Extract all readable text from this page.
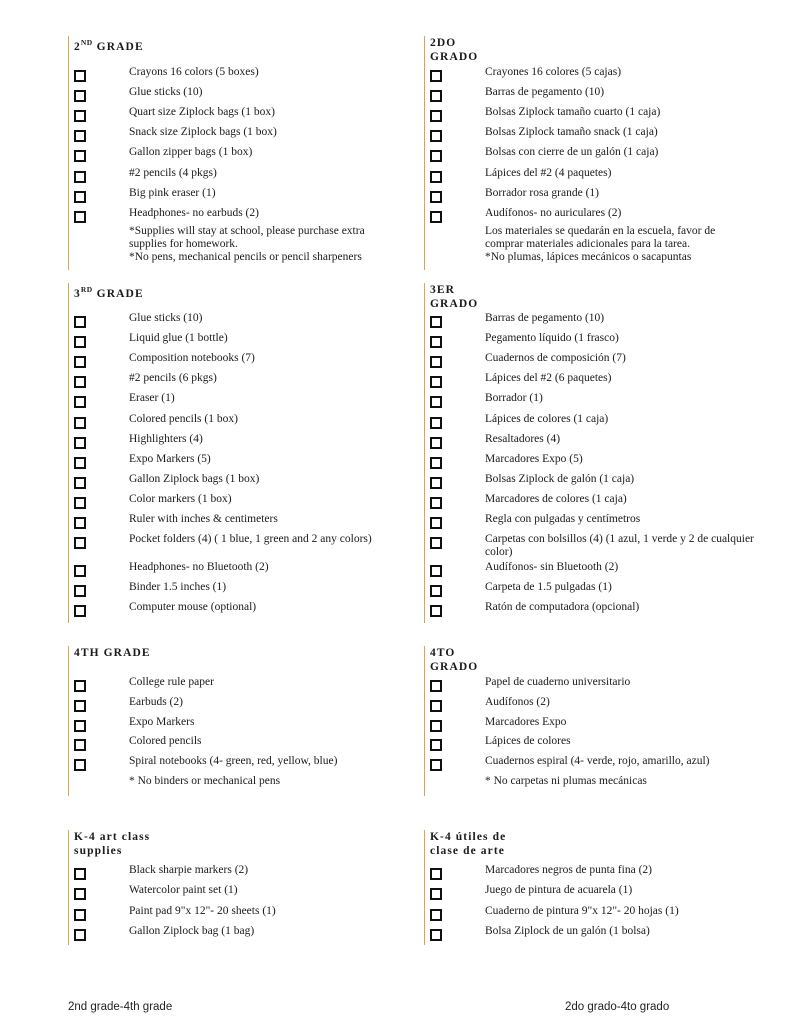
2ND GRADE
Crayons 16 colors (5 boxes)
Glue sticks (10)
Quart size Ziplock bags (1 box)
Snack size Ziplock bags (1 box)
Gallon zipper bags (1 box)
#2 pencils (4 pkgs)
Big pink eraser (1)
Headphones- no earbuds (2)
*Supplies will stay at school, please purchase extra
supplies for homework.
*No pens, mechanical pencils or pencil sharpeners
3RD GRADE
Glue sticks (10)
Liquid glue (1 bottle)
Composition notebooks (7)
#2 pencils (6 pkgs)
Eraser (1)
Colored pencils (1 box)
Highlighters (4)
Expo Markers (5)
Gallon Ziplock bags (1 box)
Color markers (1 box)
Ruler with inches & centimeters
Pocket folders (4) ( 1 blue, 1 green and 2 any colors)
Headphones- no Bluetooth (2)
Binder 1.5 inches (1)
Computer mouse (optional)
4TH GRADE
College rule paper
Earbuds (2)
Expo Markers
Colored pencils
Spiral notebooks (4- green, red, yellow, blue)
* No binders or mechanical pens
K-4 art class
supplies
Black sharpie markers (2)
Watercolor paint set (1)
Paint pad 9"x 12"- 20 sheets (1)
Gallon Ziplock bag (1 bag)
2DO
GRADO
Crayones 16 colores (5 cajas)
Barras de pegamento (10)
Bolsas Ziplock tamaño cuarto (1 caja)
Bolsas Ziplock tamaño snack (1 caja)
Bolsas con cierre de un galón (1 caja)
Lápices del #2 (4 paquetes)
Borrador rosa grande (1)
Audífonos- no auriculares (2)
Los materiales se quedarán en la escuela, favor de
comprar materiales adicionales para la tarea.
*No plumas, lápices mecánicos o sacapuntas
3ER
GRADO
Barras de pegamento (10)
Pegamento líquido (1 frasco)
Cuadernos de composición (7)
Lápices del #2 (6 paquetes)
Borrador (1)
Lápices de colores (1 caja)
Resaltadores (4)
Marcadores Expo (5)
Bolsas Ziplock de galón (1 caja)
Marcadores de colores (1 caja)
Regla con pulgadas y centímetros
Carpetas con bolsillos (4) (1 azul, 1 verde y 2 de cualquier color)
Audífonos- sin Bluetooth (2)
Carpeta de 1.5 pulgadas (1)
Ratón de computadora (opcional)
4TO
GRADO
Papel de cuaderno universitario
Audífonos (2)
Marcadores Expo
Lápices de colores
Cuadernos espiral (4- verde, rojo, amarillo, azul)
* No carpetas ni plumas mecánicas
K-4 útiles de
clase de arte
Marcadores negros de punta fina (2)
Juego de pintura de acuarela (1)
Cuaderno de pintura 9"x 12"- 20 hojas (1)
Bolsa Ziplock de un galón (1 bolsa)
2nd grade-4th grade	2do grado-4to grado
